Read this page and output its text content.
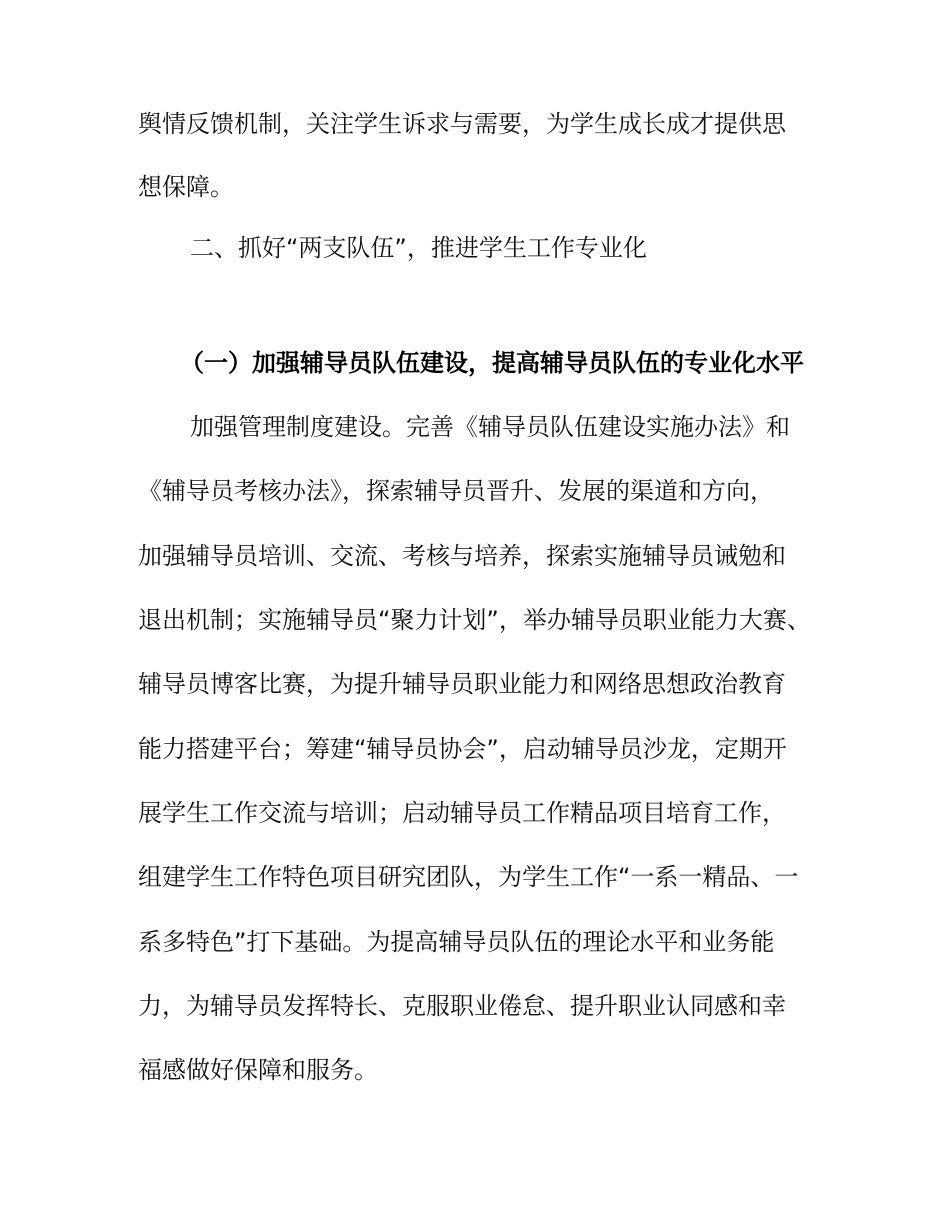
舆情反馈机制，关注学生诉求与需要，为学生成长成才提供思
想保障。
二、抓好“两支队伍”，推进学生工作专业化
（一）加强辅导员队伍建设，提高辅导员队伍的专业化水平
加强管理制度建设。完善《辅导员队伍建设实施办法》和
《辅导员考核办法》，探索辅导员晋升、发展的渠道和方向，
加强辅导员培训、交流、考核与培养，探索实施辅导员诫勉和
退出机制；实施辅导员“聚力计划”，举办辅导员职业能力大赛、
辅导员博客比赛，为提升辅导员职业能力和网络思想政治教育
能力搭建平台；筹建“辅导员协会”，启动辅导员沙龙，定期开
展学生工作交流与培训；启动辅导员工作精品项目培育工作，
组建学生工作特色项目研究团队，为学生工作“一系一精品、一
系多特色”打下基础。为提高辅导员队伍的理论水平和业务能
力，为辅导员发挥特长、克服职业倦怠、提升职业认同感和幸
福感做好保障和服务。
